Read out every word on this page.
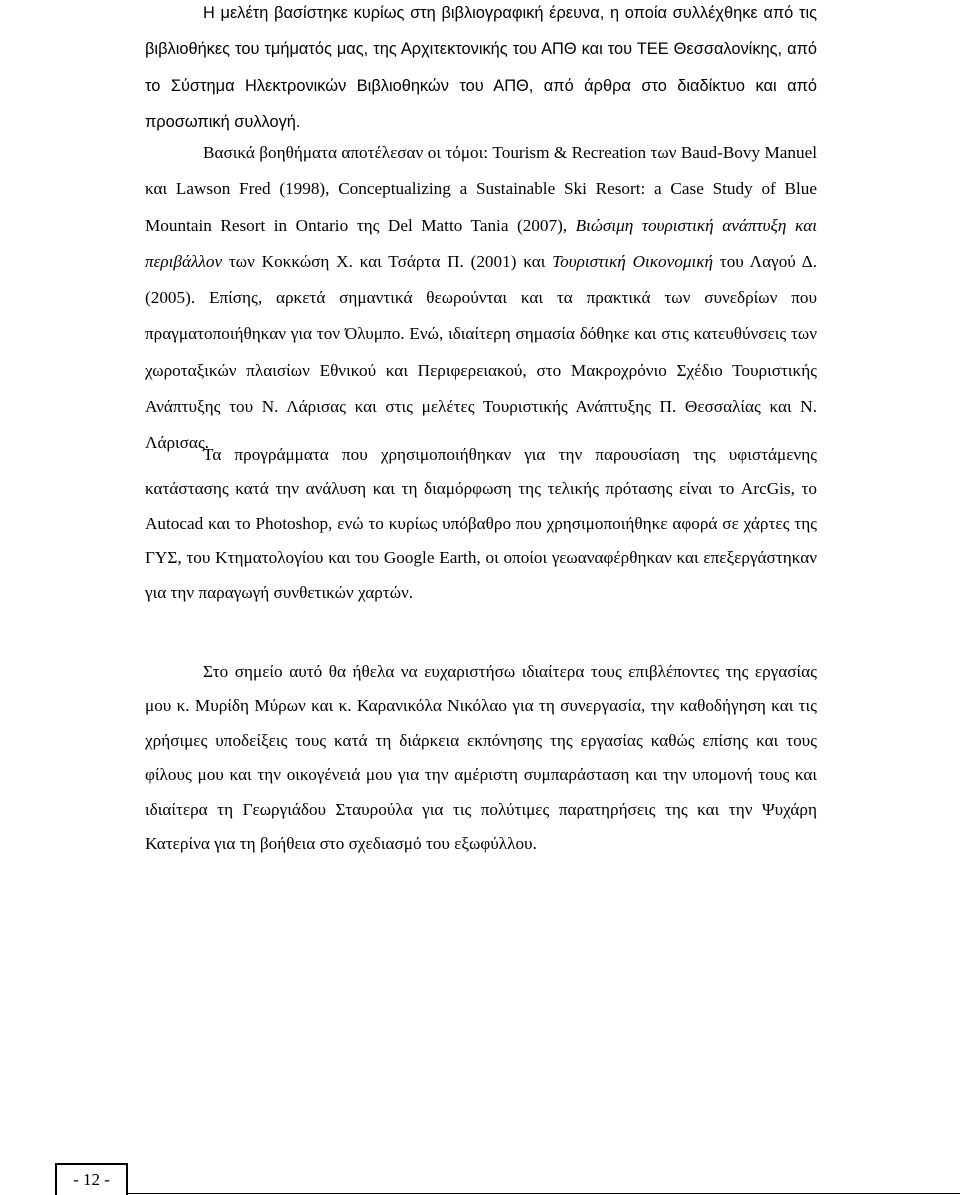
Η μελέτη βασίστηκε κυρίως στη βιβλιογραφική έρευνα, η οποία συλλέχθηκε από τις βιβλιοθήκες του τμήματός μας, της Αρχιτεκτονικής του ΑΠΘ και του ΤΕΕ Θεσσαλονίκης, από το Σύστημα Ηλεκτρονικών Βιβλιοθηκών του ΑΠΘ, από άρθρα στο διαδίκτυο και από προσωπική συλλογή.

Βασικά βοηθήματα αποτέλεσαν οι τόμοι: Tourism & Recreation των Baud-Bovy Manuel και Lawson Fred (1998), Conceptualizing a Sustainable Ski Resort: a Case Study of Blue Mountain Resort in Ontario της Del Matto Tania (2007), Βιώσιμη τουριστική ανάπτυξη και περιβάλλον των Κοκκώση Χ. και Τσάρτα Π. (2001) και Τουριστική Οικονομική του Λαγού Δ. (2005). Επίσης, αρκετά σημαντικά θεωρούνται και τα πρακτικά των συνεδρίων που πραγματοποιήθηκαν για τον Όλυμπο. Ενώ, ιδιαίτερη σημασία δόθηκε και στις κατευθύνσεις των χωροταξικών πλαισίων Εθνικού και Περιφερειακού, στο Μακροχρόνιο Σχέδιο Τουριστικής Ανάπτυξης του Ν. Λάρισας και στις μελέτες Τουριστικής Ανάπτυξης Π. Θεσσαλίας και Ν. Λάρισας.

Τα προγράμματα που χρησιμοποιήθηκαν για την παρουσίαση της υφιστάμενης κατάστασης κατά την ανάλυση και τη διαμόρφωση της τελικής πρότασης είναι το ArcGis, το Autocad και το Photoshop, ενώ το κυρίως υπόβαθρο που χρησιμοποιήθηκε αφορά σε χάρτες της ΓΥΣ, του Κτηματολογίου και του Google Earth, οι οποίοι γεωαναφέρθηκαν και επεξεργάστηκαν για την παραγωγή συνθετικών χαρτών.

Στο σημείο αυτό θα ήθελα να ευχαριστήσω ιδιαίτερα τους επιβλέποντες της εργασίας μου κ. Μυρίδη Μύρων και κ. Καρανικόλα Νικόλαο για τη συνεργασία, την καθοδήγηση και τις χρήσιμες υποδείξεις τους κατά τη διάρκεια εκπόνησης της εργασίας καθώς επίσης και τους φίλους μου και την οικογένειά μου για την αμέριστη συμπαράσταση και την υπομονή τους και ιδιαίτερα τη Γεωργιάδου Σταυρούλα για τις πολύτιμες παρατηρήσεις της και την Ψυχάρη Κατερίνα για τη βοήθεια στο σχεδιασμό του εξωφύλλου.

- 12 -
